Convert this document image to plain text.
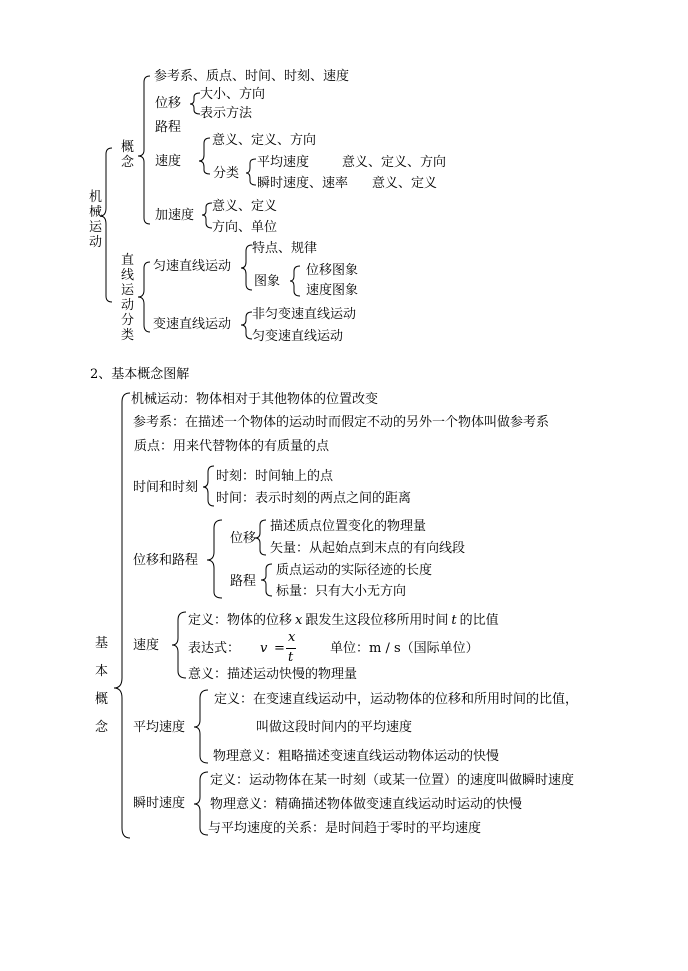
机械运动
概念
直线运动分类
参考系、质点、时间、时刻、速度
位移
大小、方向
表示方法
路程
速度
意义、定义、方向
分类
平均速度	意义、定义、方向
瞬时速度、速率 意义、定义
加速度
意义、定义
方向、单位
匀速直线运动
特点、规律
图象
位移图象
速度图象
变速直线运动
非匀变速直线运动
匀变速直线运动
2、基本概念图解
基本概念
机械运动：物体相对于其他物体的位置改变
参考系：在描述一个物体的运动时而假定不动的另外一个物体叫做参考系
质点：用来代替物体的有质量的点
时间和时刻
时刻：时间轴上的点
时间：表示时刻的两点之间的距离
位移和路程
位移
描述质点位置变化的物理量
矢量：从起始点到末点的有向线段
路程
质点运动的实际径迹的长度
标量：只有大小无方向
速度
定义：物体的位移 x 跟发生这段位移所用时间 t 的比值
表达式： v =
x
t
单位：m / s（国际单位）
意义：描述运动快慢的物理量
平均速度
定义：在变速直线运动中，运动物体的位移和所用时间的比值，
叫做这段时间内的平均速度
物理意义：粗略描述变速直线运动物体运动的快慢
瞬时速度
定义：运动物体在某一时刻（或某一位置）的速度叫做瞬时速度
物理意义：精确描述物体做变速直线运动时运动的快慢
与平均速度的关系：是时间趋于零时的平均速度
